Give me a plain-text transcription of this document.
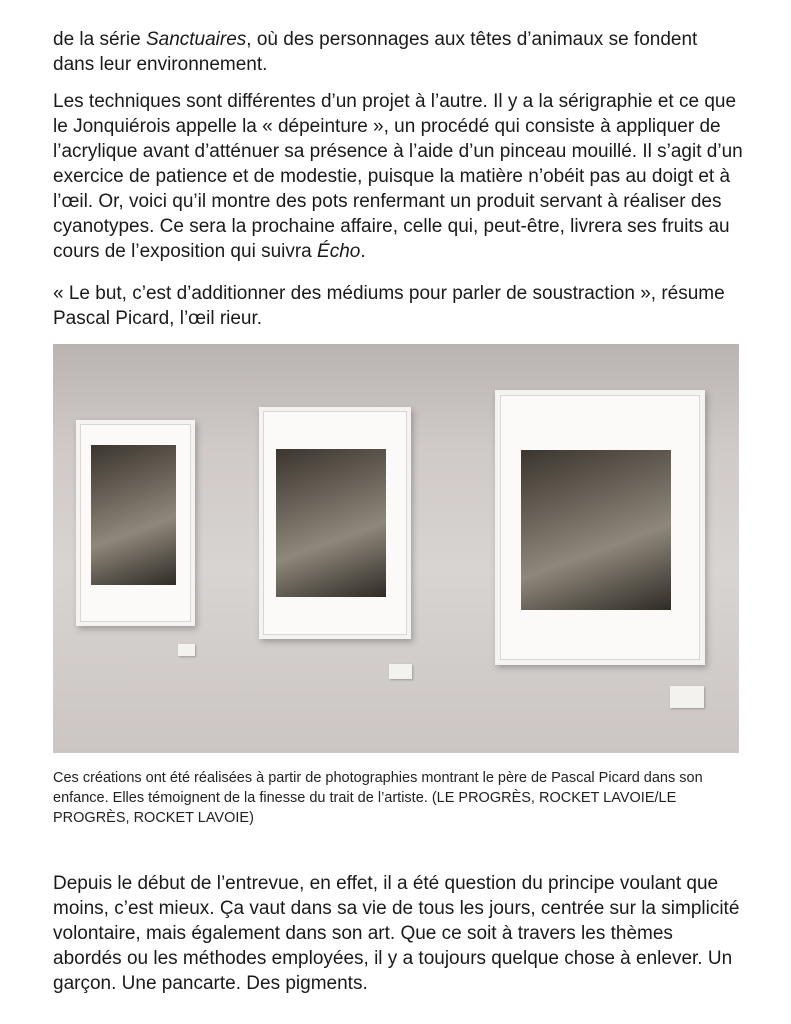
de la série Sanctuaires, où des personnages aux têtes d’animaux se fondent dans leur environnement.

Les techniques sont différentes d’un projet à l’autre. Il y a la sérigraphie et ce que le Jonquiérois appelle la « dépeinture », un procédé qui consiste à appliquer de l’acrylique avant d’atténuer sa présence à l’aide d’un pinceau mouillé. Il s’agit d’un exercice de patience et de modestie, puisque la matière n’obéit pas au doigt et à l’œil. Or, voici qu’il montre des pots renfermant un produit servant à réaliser des cyanotypes. Ce sera la prochaine affaire, celle qui, peut-être, livrera ses fruits au cours de l’exposition qui suivra Écho.

« Le but, c’est d’additionner des médiums pour parler de soustraction », résume Pascal Picard, l’œil rieur.

Ces créations ont été réalisées à partir de photographies montrant le père de Pascal Picard dans son enfance. Elles témoignent de la finesse du trait de l’artiste. (LE PROGRÈS, ROCKET LAVOIE/LE PROGRÈS, ROCKET LAVOIE)

Depuis le début de l’entrevue, en effet, il a été question du principe voulant que moins, c’est mieux. Ça vaut dans sa vie de tous les jours, centrée sur la simplicité volontaire, mais également dans son art. Que ce soit à travers les thèmes abordés ou les méthodes employées, il y a toujours quelque chose à enlever. Un garçon. Une pancarte. Des pigments.
